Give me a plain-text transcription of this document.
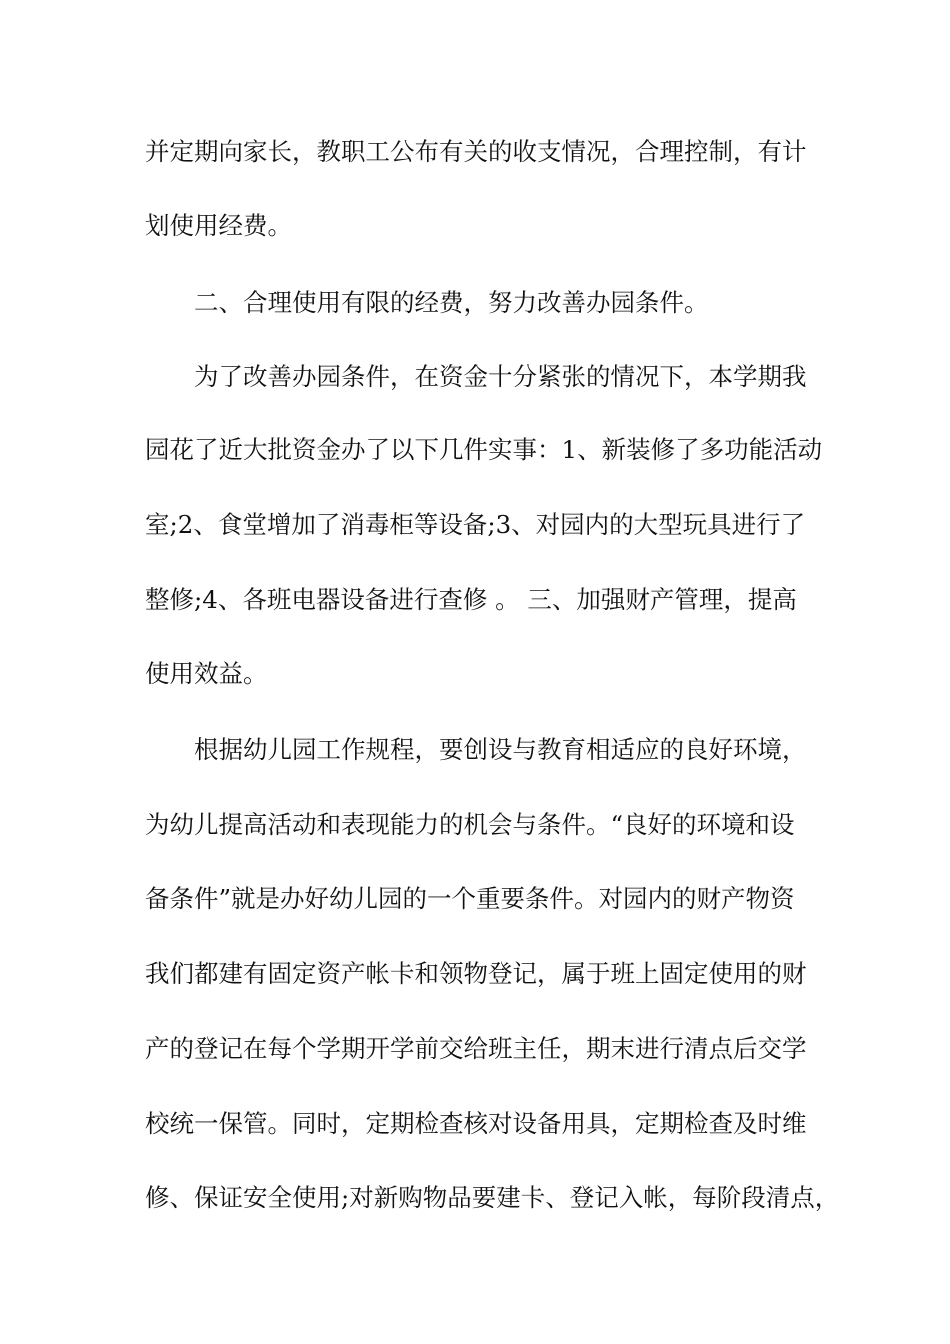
并定期向家长，教职工公布有关的收支情况，合理控制，有计
划使用经费。
二、合理使用有限的经费，努力改善办园条件。
为了改善办园条件，在资金十分紧张的情况下，本学期我
园花了近大批资金办了以下几件实事：1、新装修了多功能活动
室;2、食堂增加了消毒柜等设备;3、对园内的大型玩具进行了
整修;4、各班电器设备进行查修 。 三、加强财产管理，提高
使用效益。
根据幼儿园工作规程，要创设与教育相适应的良好环境，
为幼儿提高活动和表现能力的机会与条件。“良好的环境和设
备条件”就是办好幼儿园的一个重要条件。对园内的财产物资
我们都建有固定资产帐卡和领物登记，属于班上固定使用的财
产的登记在每个学期开学前交给班主任，期末进行清点后交学
校统一保管。同时，定期检查核对设备用具，定期检查及时维
修、保证安全使用;对新购物品要建卡、登记入帐，每阶段清点，
